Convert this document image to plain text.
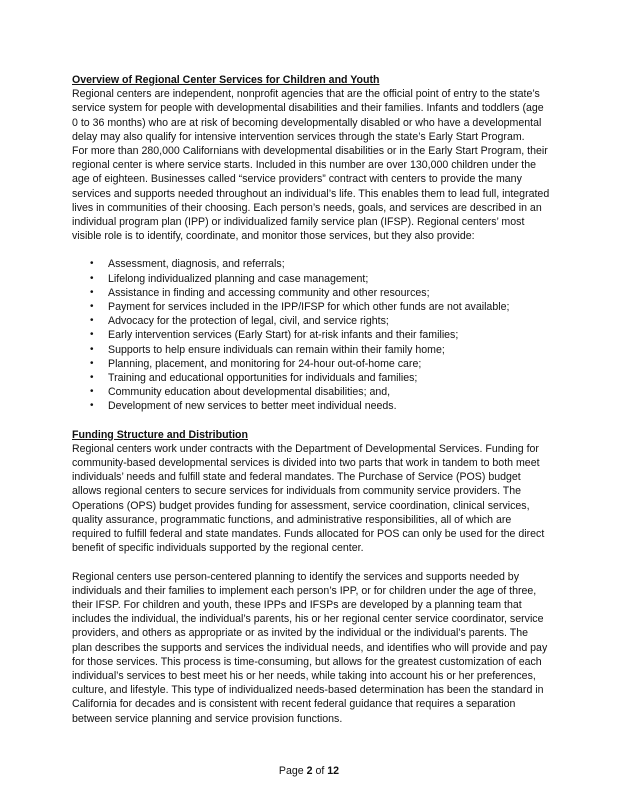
Overview of Regional Center Services for Children and Youth

Regional centers are independent, nonprofit agencies that are the official point of entry to the state’s service system for people with developmental disabilities and their families. Infants and toddlers (age 0 to 36 months) who are at risk of becoming developmentally disabled or who have a developmental delay may also qualify for intensive intervention services through the state’s Early Start Program.

For more than 280,000 Californians with developmental disabilities or in the Early Start Program, their regional center is where service starts. Included in this number are over 130,000 children under the age of eighteen. Businesses called “service providers” contract with centers to provide the many services and supports needed throughout an individual’s life. This enables them to lead full, integrated lives in communities of their choosing. Each person’s needs, goals, and services are described in an individual program plan (IPP) or individualized family service plan (IFSP). Regional centers’ most visible role is to identify, coordinate, and monitor those services, but they also provide:

• Assessment, diagnosis, and referrals;
• Lifelong individualized planning and case management;
• Assistance in finding and accessing community and other resources;
• Payment for services included in the IPP/IFSP for which other funds are not available;
• Advocacy for the protection of legal, civil, and service rights;
• Early intervention services (Early Start) for at-risk infants and their families;
• Supports to help ensure individuals can remain within their family home;
• Planning, placement, and monitoring for 24-hour out-of-home care;
• Training and educational opportunities for individuals and families;
• Community education about developmental disabilities; and,
• Development of new services to better meet individual needs.

Funding Structure and Distribution

Regional centers work under contracts with the Department of Developmental Services. Funding for community-based developmental services is divided into two parts that work in tandem to both meet individuals’ needs and fulfill state and federal mandates. The Purchase of Service (POS) budget allows regional centers to secure services for individuals from community service providers. The Operations (OPS) budget provides funding for assessment, service coordination, clinical services, quality assurance, programmatic functions, and administrative responsibilities, all of which are required to fulfill federal and state mandates. Funds allocated for POS can only be used for the direct benefit of specific individuals supported by the regional center.

Regional centers use person-centered planning to identify the services and supports needed by individuals and their families to implement each person’s IPP, or for children under the age of three, their IFSP. For children and youth, these IPPs and IFSPs are developed by a planning team that includes the individual, the individual’s parents, his or her regional center service coordinator, service providers, and others as appropriate or as invited by the individual or the individual’s parents. The plan describes the supports and services the individual needs, and identifies who will provide and pay for those services. This process is time-consuming, but allows for the greatest customization of each individual’s services to best meet his or her needs, while taking into account his or her preferences, culture, and lifestyle. This type of individualized needs-based determination has been the standard in California for decades and is consistent with recent federal guidance that requires a separation between service planning and service provision functions.

Page 2 of 12
